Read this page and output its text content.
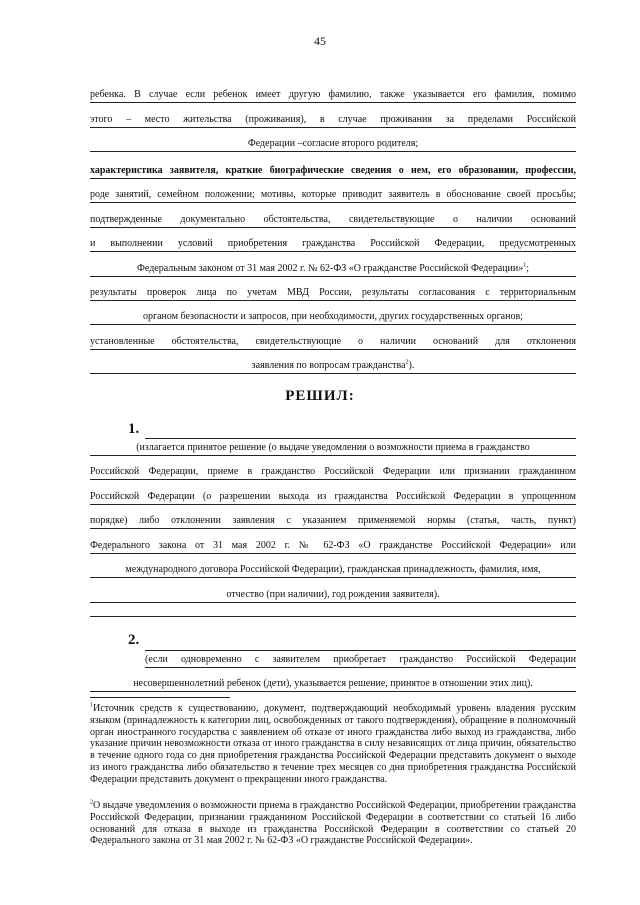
45
ребенка. В случае если ребенок имеет другую фамилию, также указывается его фамилия, помимо
этого – место жительства (проживания), в случае проживания за пределами Российской
Федерации –согласие второго родителя;
характеристика заявителя, краткие биографические сведения о нем, его образовании, профессии,
роде занятий, семейном положении; мотивы, которые приводит заявитель в обоснование своей просьбы;
подтвержденные документально обстоятельства, свидетельствующие о наличии оснований
и выполнении условий приобретения гражданства Российской Федерации, предусмотренных
Федеральным законом от 31 мая 2002 г. № 62-ФЗ «О гражданстве Российской Федерации»$^1$;
результаты проверок лица по учетам МВД России, результаты согласования с территориальным
органом безопасности и запросов, при необходимости, других государственных органов;
установленные обстоятельства, свидетельствующие о наличии оснований для отклонения
заявления по вопросам гражданства$^2$).
РЕШИЛ:
1.
(излагается принятое решение (о выдаче уведомления о возможности приема в гражданство
Российской Федерации, приеме в гражданство Российской Федерации или признании гражданином
Российской Федерации (о разрешении выхода из гражданства Российской Федерации в упрощенном
порядке) либо отклонении заявления с указанием применяемой нормы (статья, часть, пункт)
Федерального закона от 31 мая 2002 г. № 62-ФЗ «О гражданстве Российской Федерации» или
международного договора Российской Федерации), гражданская принадлежность, фамилия, имя,
отчество (при наличии), год рождения заявителя).
2.
(если одновременно с заявителем приобретает гражданство Российской Федерации
несовершеннолетний ребенок (дети), указывается решение, принятое в отношении этих лиц).
$^1$Источник средств к существованию, документ, подтверждающий необходимый уровень владения русским языком (принадлежность к категории лиц, освобожденных от такого подтверждения), обращение в полномочный орган иностранного государства с заявлением об отказе от иного гражданства либо выход из гражданства, либо указание причин невозможности отказа от иного гражданства в силу независящих от лица причин, обязательство в течение одного года со дня приобретения гражданства Российской Федерации представить документ о выходе из иного гражданства либо обязательство в течение трех месяцев со дня приобретения гражданства Российской Федерации представить документ о прекращении иного гражданства.
$^2$О выдаче уведомления о возможности приема в гражданство Российской Федерации, приобретении гражданства Российской Федерации, признании гражданином Российской Федерации в соответствии со статьей 16 либо оснований для отказа в выходе из гражданства Российской Федерации в соответствии со статьей 20 Федерального закона от 31 мая 2002 г. № 62-ФЗ «О гражданстве Российской Федерации».
